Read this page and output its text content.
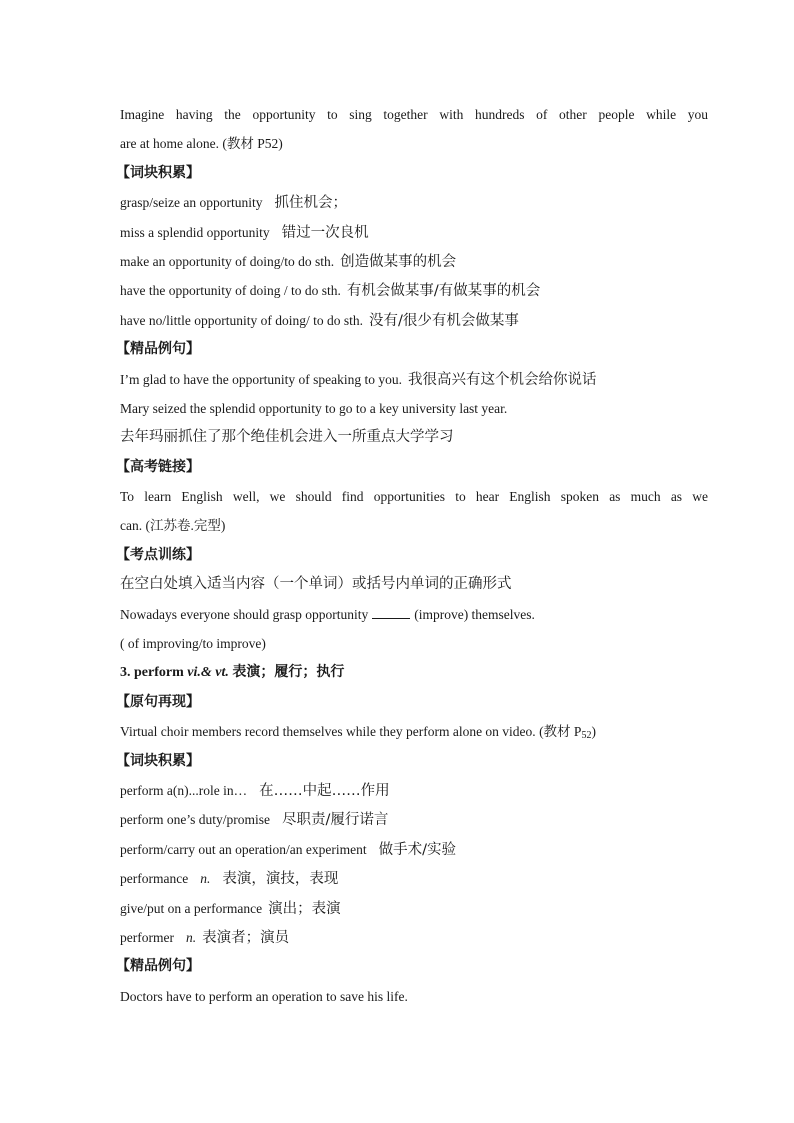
Imagine having the opportunity to sing together with hundreds of other people while you
are at home alone. (教材 P52)
【词块积累】
grasp/seize an opportunity 抓住机会；
miss a splendid opportunity 错过一次良机
make an opportunity of doing/to do sth. 创造做某事的机会
have the opportunity of doing / to do sth. 有机会做某事/有做某事的机会
have no/little opportunity of doing/ to do sth. 没有/很少有机会做某事
【精品例句】
I’m glad to have the opportunity of speaking to you. 我很高兴有这个机会给你说话
Mary seized the splendid opportunity to go to a key university last year.
去年玛丽抓住了那个绝佳机会进入一所重点大学学习
【高考链接】
To learn English well, we should find opportunities to hear English spoken as much as we
can. (江苏卷.完型)
【考点训练】
在空白处填入适当内容（一个单词）或括号内单词的正确形式
Nowadays everyone should grasp opportunity	(improve) themselves.
( of improving/to improve)
3. perform vi.& vt. 表演；履行；执行
【原句再现】
Virtual choir members record themselves while they perform alone on video. (教材 $P_{52}$)
【词块积累】
perform a(n)...role in… 在……中起……作用
perform one’s duty/promise 尽职责/履行诺言
perform/carry out an operation/an experiment 做手术/实验
performance n. 表演，演技，表现
give/put on a performance 演出；表演
performer n. 表演者；演员
【精品例句】
Doctors have to perform an operation to save his life.
